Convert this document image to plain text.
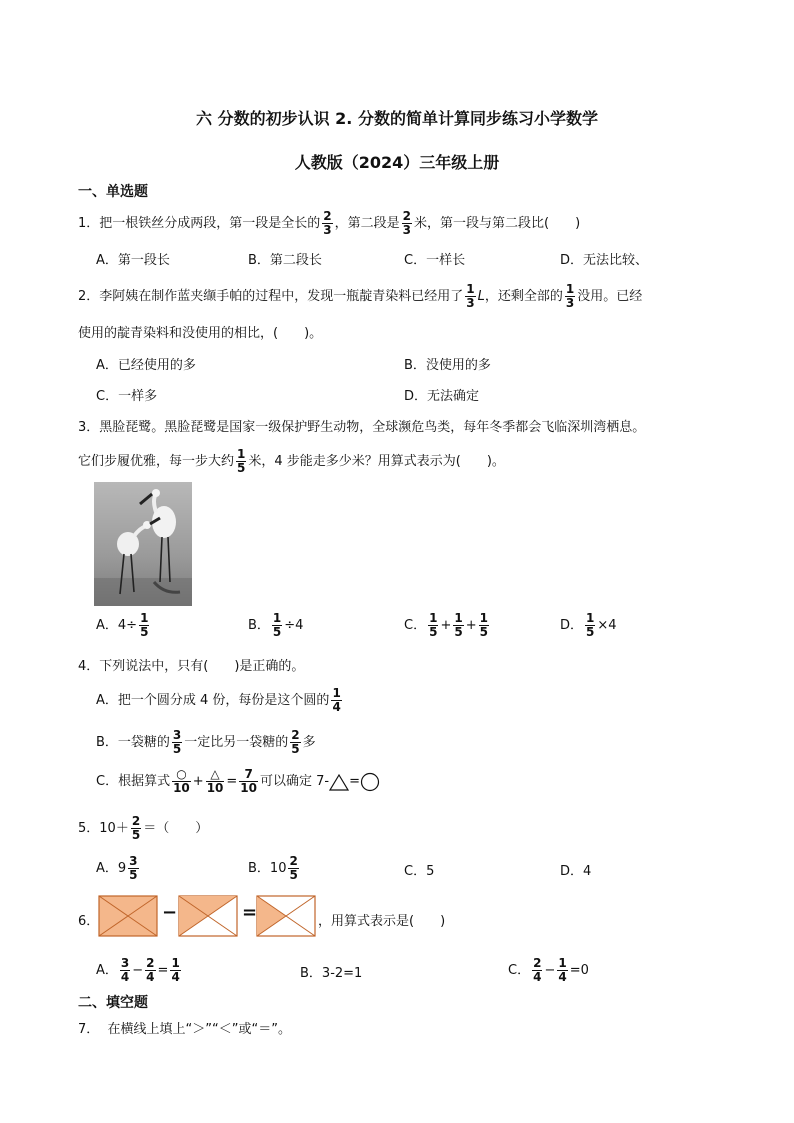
六 分数的初步认识 2. 分数的简单计算同步练习小学数学
人教版（2024）三年级上册
一、单选题
1．把一根铁丝分成两段，第一段是全长的 $\frac{2}{3}$ ，第二段是 $\frac{2}{3}$ 米，第一段与第二段比(　　)
A．第一段长	B．第二段长	C．一样长	D．无法比较、
2．李阿姨在制作蓝夹缬手帕的过程中，发现一瓶靛青染料已经用了 $\frac{1}{3}$ L，还剩全部的 $\frac{1}{3}$ 没用。已经
使用的靛青染料和没使用的相比，(　　)。
A．已经使用的多	B．没使用的多
C．一样多	D．无法确定
3．黑脸琵鹭。黑脸琵鹭是国家一级保护野生动物，全球濒危鸟类，每年冬季都会飞临深圳湾栖息。
它们步履优雅，每一步大约 $\frac{1}{5}$ 米，4 步能走多少米？用算式表示为(　　)。
A．$4\div \frac{1}{5}$	B． $\frac{1}{5} \div 4$	C． $\frac{1}{5} + \frac{1}{5} + \frac{1}{5}$	D． $\frac{1}{5} \times 4$
4．下列说法中，只有(　　)是正确的。
A．把一个圆分成 4 份，每份是这个圆的 $\frac{1}{4}$
B．一袋糖的 $\frac{3}{5}$ 一定比另一袋糖的 $\frac{2}{5}$ 多
C．根据算式 $\frac{○}{10} + \frac{\triangle}{10} = \frac{7}{10}$ 可以确定 7- =
5．$10+ \frac{2}{5}$ ＝（　　）
A．$9 \frac{3}{5}$	B．$10 \frac{2}{5}$	C．5	D．4
6．	−	=	，用算式表示是(　　)
A． $\frac{3}{4} - \frac{2}{4} = \frac{1}{4}$	B．3-2=1	C． $\frac{2}{4} - \frac{1}{4} =0$
二、填空题
7． 在横线上填上“＞”“＜”或“＝”。
